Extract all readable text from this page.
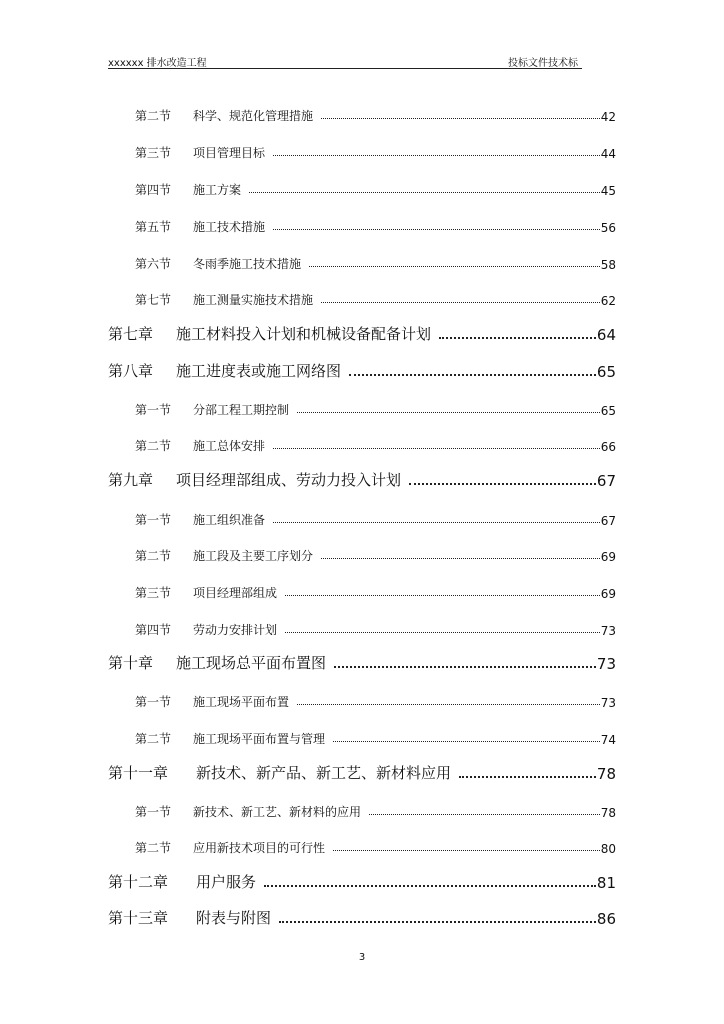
xxxxxx 排水改造工程	投标文件技术标
第二节	科学、规范化管理措施	42
第三节	项目管理目标	44
第四节	施工方案	45
第五节	施工技术措施	56
第六节	冬雨季施工技术措施	58
第七节	施工测量实施技术措施	62
第七章	施工材料投入计划和机械设备配备计划	64
第八章	施工进度表或施工网络图	65
第一节	分部工程工期控制	65
第二节	施工总体安排	66
第九章	项目经理部组成、劳动力投入计划	67
第一节	施工组织准备	67
第二节	施工段及主要工序划分	69
第三节	项目经理部组成	69
第四节	劳动力安排计划	73
第十章	施工现场总平面布置图	73
第一节	施工现场平面布置	73
第二节	施工现场平面布置与管理	74
第十一章	新技术、新产品、新工艺、新材料应用	78
第一节	新技术、新工艺、新材料的应用	78
第二节	应用新技术项目的可行性	80
第十二章	用户服务	81
第十三章	附表与附图	86
3
